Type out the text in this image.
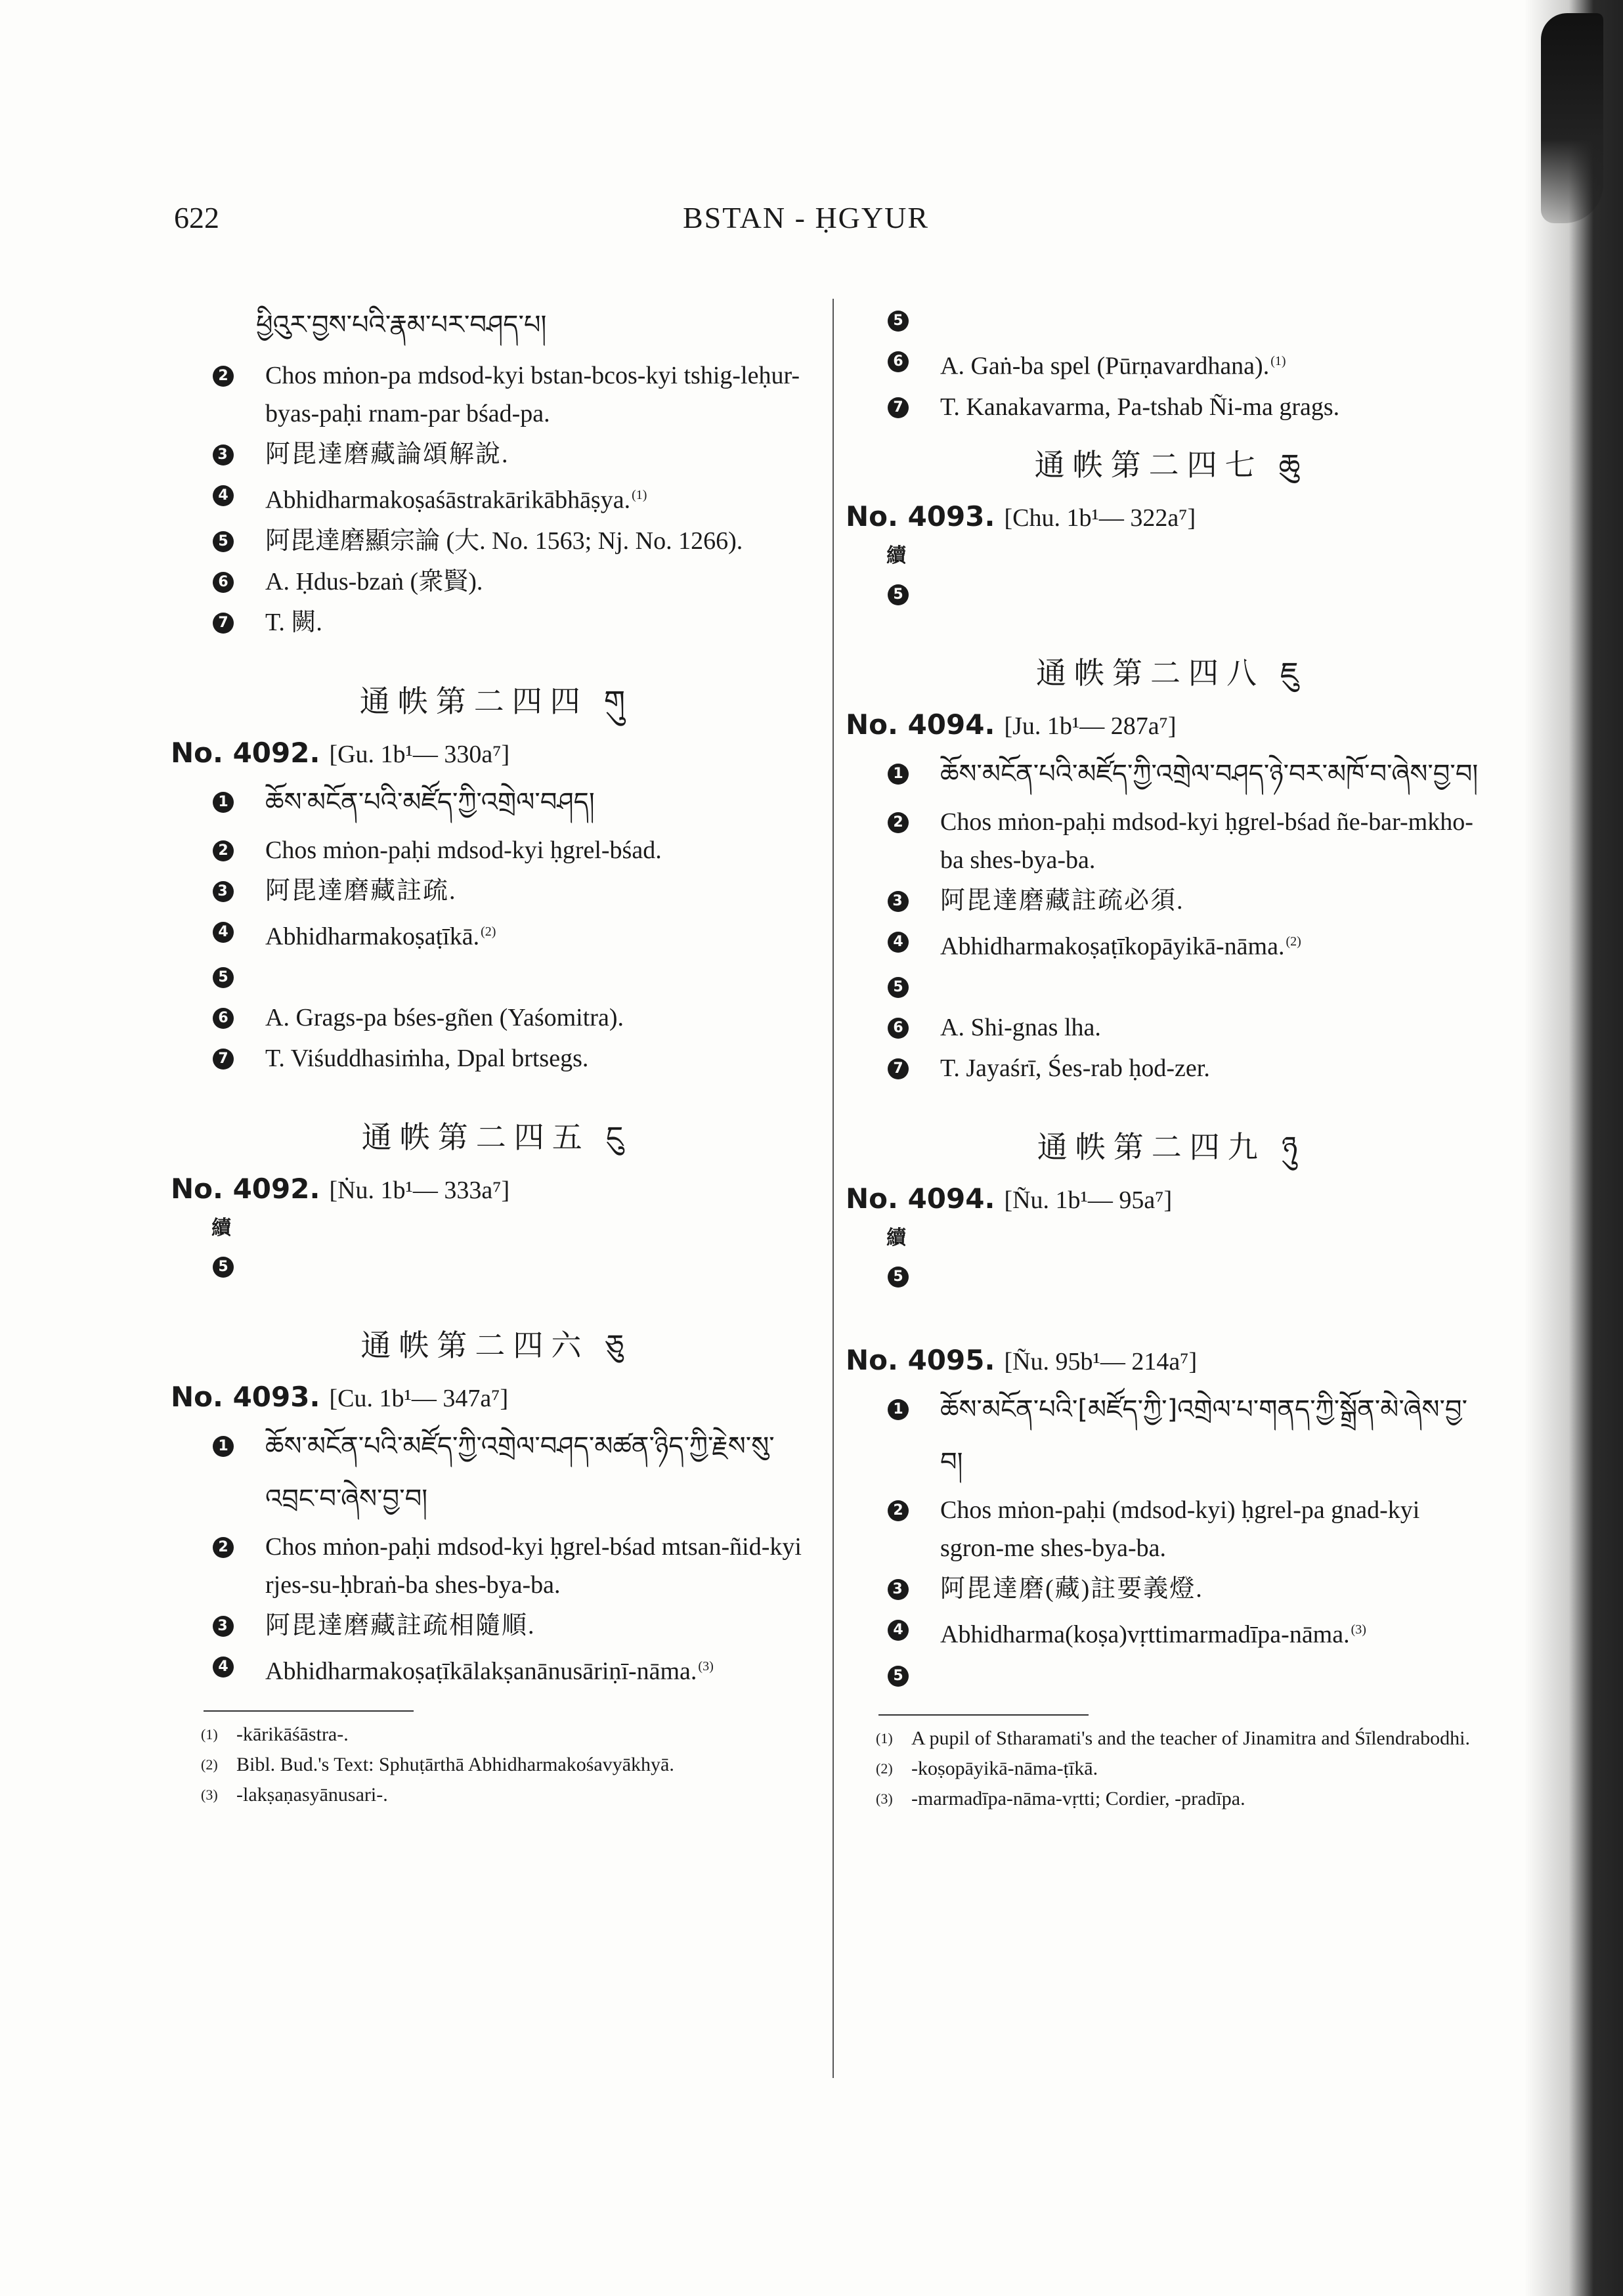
622	BSTAN - ḤGYUR
ཕྱིའུར་བྱས་པའི་རྣམ་པར་བཤད་པ།
2 Chos mṅon-pa mdsod-kyi bstan-bcos-kyi tshig-leḥur-byas-paḥi rnam-par bśad-pa.
3 阿毘達磨藏論頌解說.
4 Abhidharmakoṣaśāstrakārikābhāṣya. $^{(1)}$
5 阿毘達磨顯宗論 (大. No. 1563; Nj. No. 1266).
6 A. Ḥdus-bzaṅ (衆賢).
7 T. 闕.
通帙第二四四 གུ
No. 4092. [Gu. 1b¹— 330a⁷]
1 ཆོས་མངོན་པའི་མཛོད་ཀྱི་འགྲེལ་བཤད།
2 Chos mṅon-paḥi mdsod-kyi ḥgrel-bśad.
3 阿毘達磨藏註疏.
4 Abhidharmakoṣaṭīkā. $^{(2)}$
5

6 A. Grags-pa bśes-gñen (Yaśomitra).
7 T. Viśuddhasiṁha, Dpal brtsegs.
通帙第二四五 ངུ
No. 4092. [Ṅu. 1b¹— 333a⁷]
續
5

通帙第二四六 ཅུ
No. 4093. [Cu. 1b¹— 347a⁷]
1 ཆོས་མངོན་པའི་མཛོད་ཀྱི་འགྲེལ་བཤད་མཚན་ཉིད་ཀྱི་རྗེས་སུ་འབྲང་བ་ཞེས་བྱ་བ།
2 Chos mṅon-paḥi mdsod-kyi ḥgrel-bśad mtsan-ñid-kyi rjes-su-ḥbraṅ-ba shes-bya-ba.
3 阿毘達磨藏註疏相隨順.
4 Abhidharmakoṣaṭīkālakṣanānusāriṇī-nāma. $^{(3)}$
(1) -kārikāśāstra-.
(2) Bibl. Bud.'s Text: Sphuṭārthā Abhidharmakośavyākhyā.
(3) -lakṣaṇasyānusari-.
5

6 A. Gaṅ-ba spel (Pūrṇavardhana). $^{(1)}$
7 T. Kanakavarma, Pa-tshab Ñi-ma grags.
通帙第二四七 ཆུ
No. 4093. [Chu. 1b¹— 322a⁷]
續
5

通帙第二四八 ཇུ
No. 4094. [Ju. 1b¹— 287a⁷]
1 ཆོས་མངོན་པའི་མཛོད་ཀྱི་འགྲེལ་བཤད་ཉེ་བར་མཁོ་བ་ཞེས་བྱ་བ།
2 Chos mṅon-paḥi mdsod-kyi ḥgrel-bśad ñe-bar-mkho-ba shes-bya-ba.
3 阿毘達磨藏註疏必須.
4 Abhidharmakoṣaṭīkopāyikā-nāma. $^{(2)}$
5

6 A. Shi-gnas lha.
7 T. Jayaśrī, Śes-rab ḥod-zer.
通帙第二四九 ཉུ
No. 4094. [Ñu. 1b¹— 95a⁷]
續
5

No. 4095. [Ñu. 95b¹— 214a⁷]
1 ཆོས་མངོན་པའི་[མཛོད་ཀྱི་]འགྲེལ་པ་གནད་ཀྱི་སྒྲོན་མེ་ཞེས་བྱ་བ།
2 Chos mṅon-paḥi (mdsod-kyi) ḥgrel-pa gnad-kyi sgron-me shes-bya-ba.
3 阿毘達磨(藏)註要義燈.
4 Abhidharma(koṣa)vṛttimarmadīpa-nāma. $^{(3)}$
5

(1) A pupil of Stharamati's and the teacher of Jinamitra and Śīlendrabodhi.
(2) -koṣopāyikā-nāma-ṭīkā.
(3) -marmadīpa-nāma-vṛtti; Cordier, -pradīpa.
